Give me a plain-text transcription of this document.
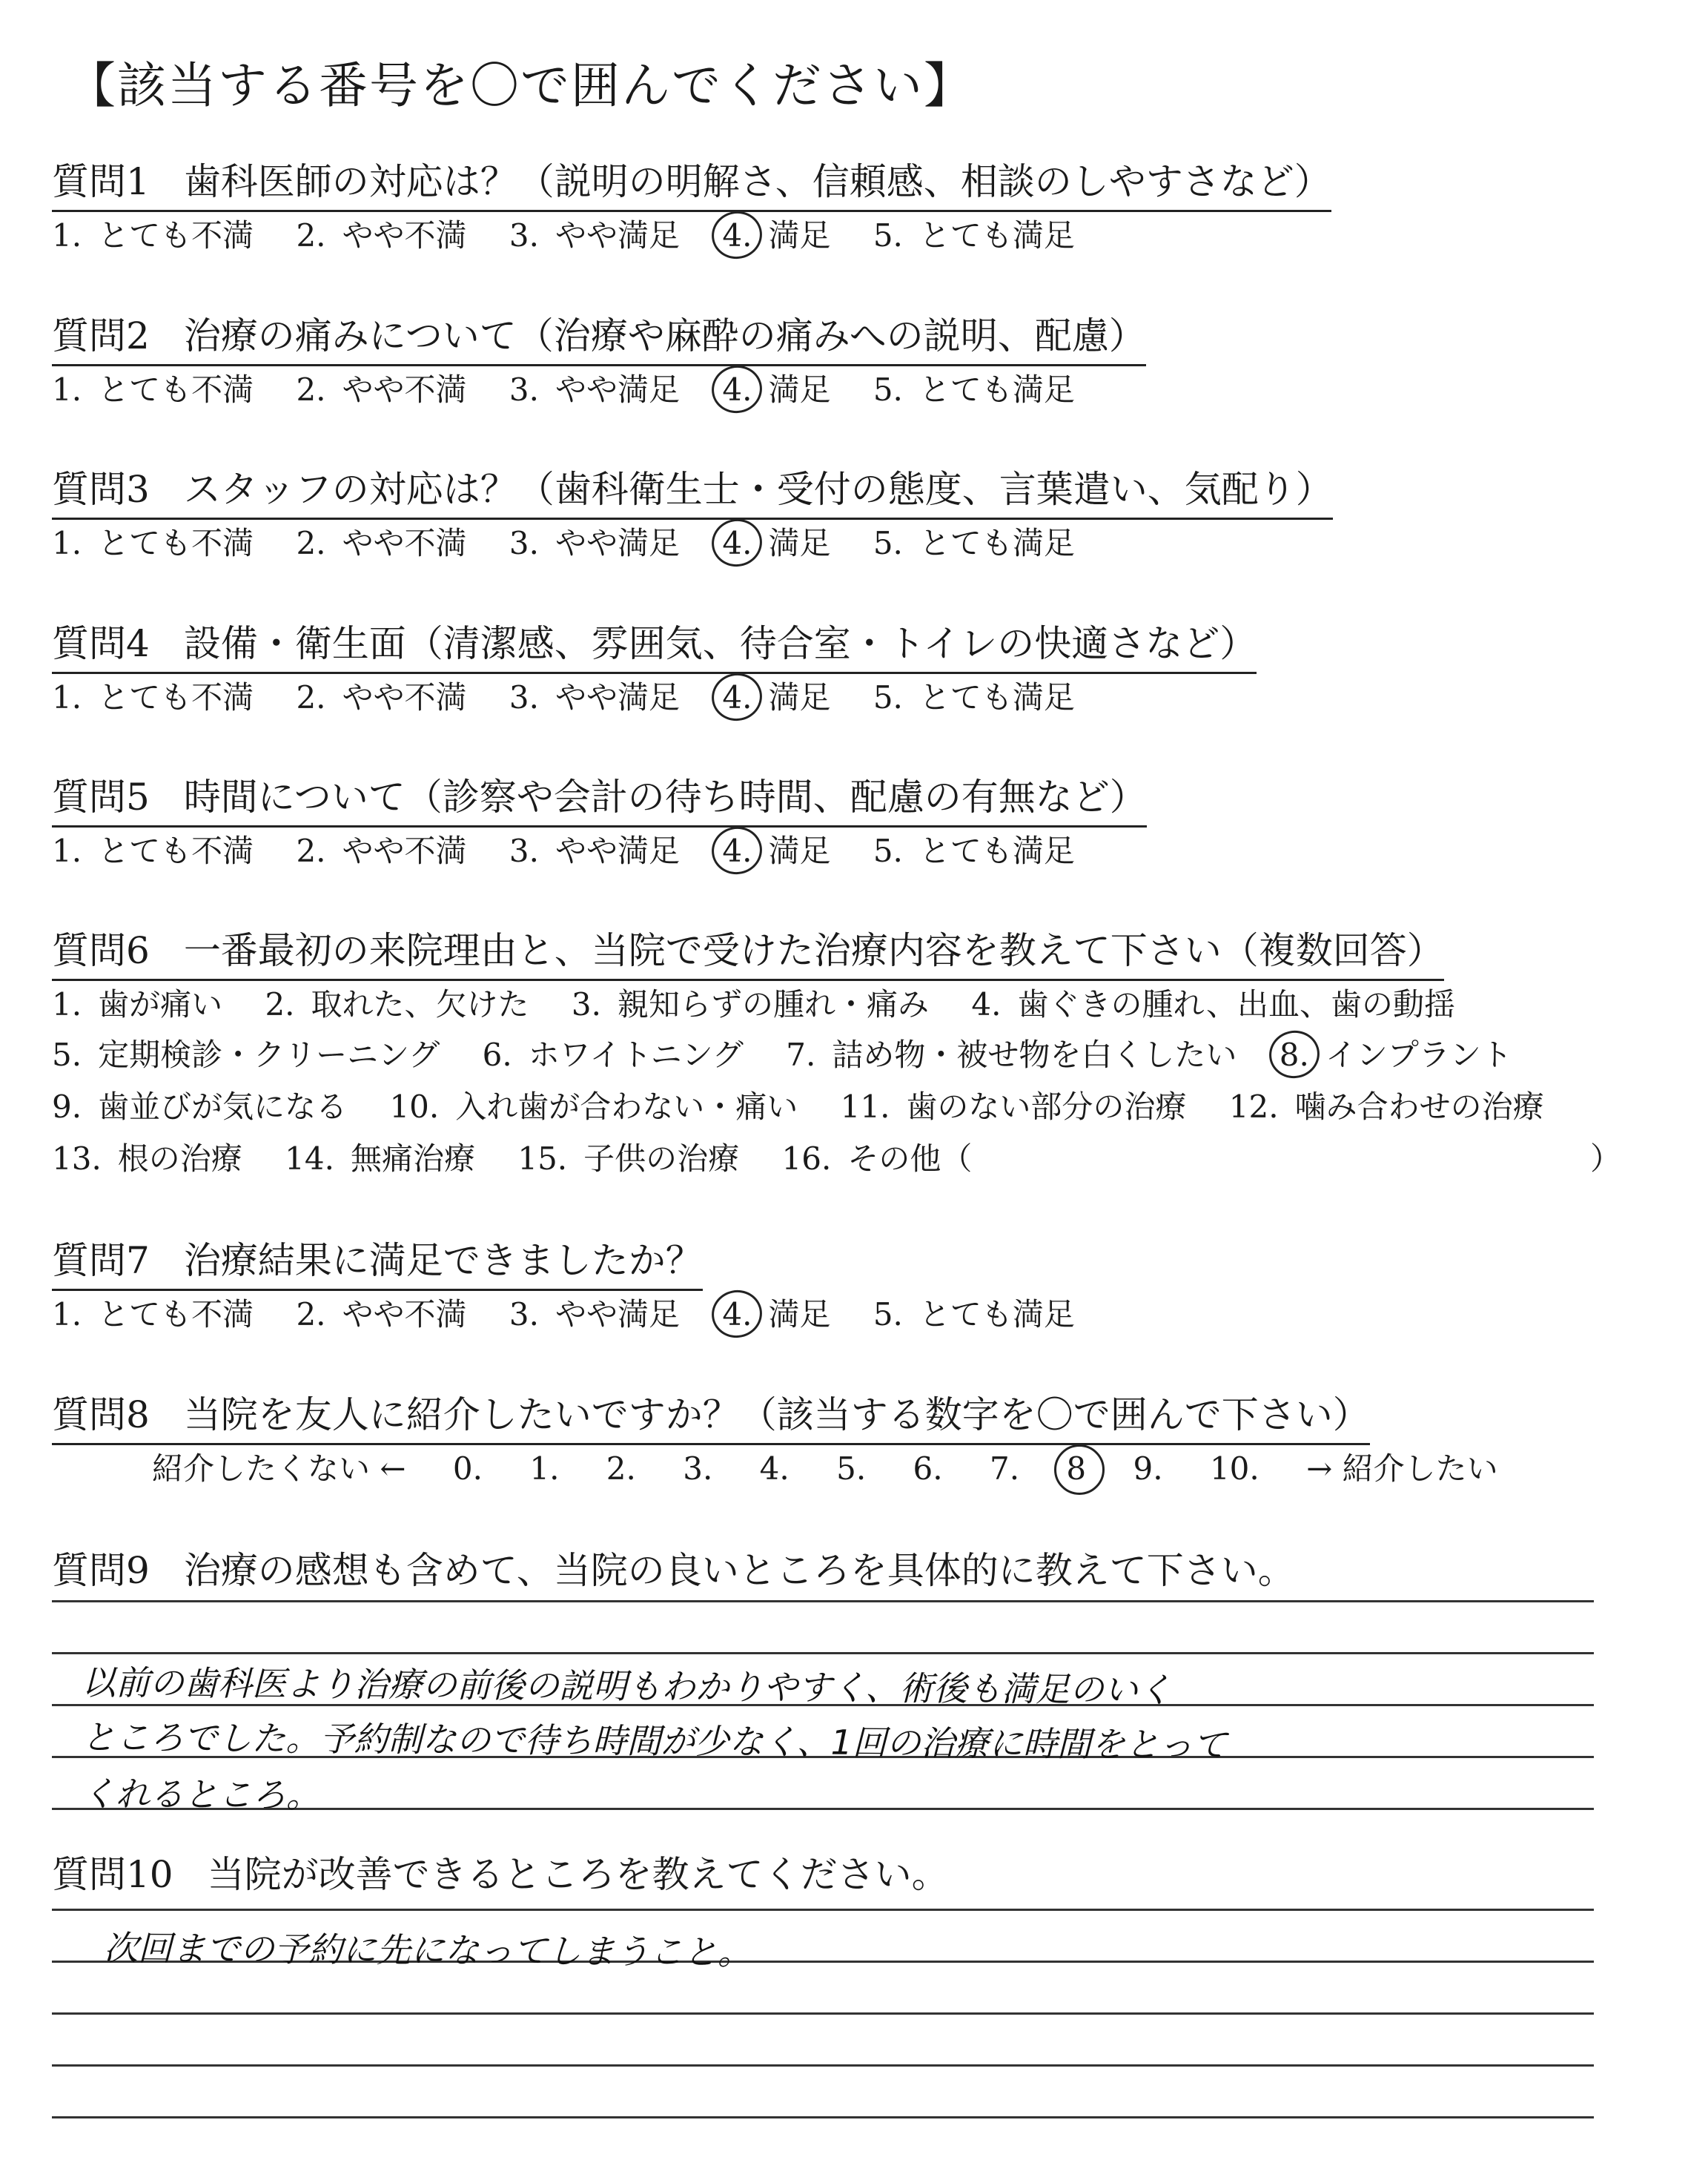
【該当する番号を〇で囲んでください】
質問1 歯科医師の対応は？（説明の明解さ、信頼感、相談のしやすさなど）
1. とても不満 2. やや不満 3. やや満足 4. 満足 5. とても満足
質問2 治療の痛みについて（治療や麻酔の痛みへの説明、配慮）
1. とても不満 2. やや不満 3. やや満足 4. 満足 5. とても満足
質問3 スタッフの対応は？（歯科衛生士・受付の態度、言葉遣い、気配り）
1. とても不満 2. やや不満 3. やや満足 4. 満足 5. とても満足
質問4 設備・衛生面（清潔感、雰囲気、待合室・トイレの快適さなど）
1. とても不満 2. やや不満 3. やや満足 4. 満足 5. とても満足
質問5 時間について（診察や会計の待ち時間、配慮の有無など）
1. とても不満 2. やや不満 3. やや満足 4. 満足 5. とても満足
質問6 一番最初の来院理由と、当院で受けた治療内容を教えて下さい（複数回答）
1. 歯が痛い 2. 取れた、欠けた 3. 親知らずの腫れ・痛み 4. 歯ぐきの腫れ、出血、歯の動揺
5. 定期検診・クリーニング 6. ホワイトニング 7. 詰め物・被せ物を白くしたい 8. インプラント
9. 歯並びが気になる 10. 入れ歯が合わない・痛い 11. 歯のない部分の治療 12. 噛み合わせの治療
13. 根の治療 14. 無痛治療 15. 子供の治療 16. その他（	）
質問7 治療結果に満足できましたか？
1. とても不満 2. やや不満 3. やや満足 4. 満足 5. とても満足
質問8 当院を友人に紹介したいですか？（該当する数字を〇で囲んで下さい）
紹介したくない ← 0. 1. 2. 3. 4. 5. 6. 7. 8 9. 10. → 紹介したい
質問9 治療の感想も含めて、当院の良いところを具体的に教えて下さい。
以前の歯科医より治療の前後の説明もわかりやすく、術後も満足のいく
ところでした。予約制なので待ち時間が少なく、1回の治療に時間をとって
くれるところ。
質問10 当院が改善できるところを教えてください。
次回までの予約に先になってしまうこと。
